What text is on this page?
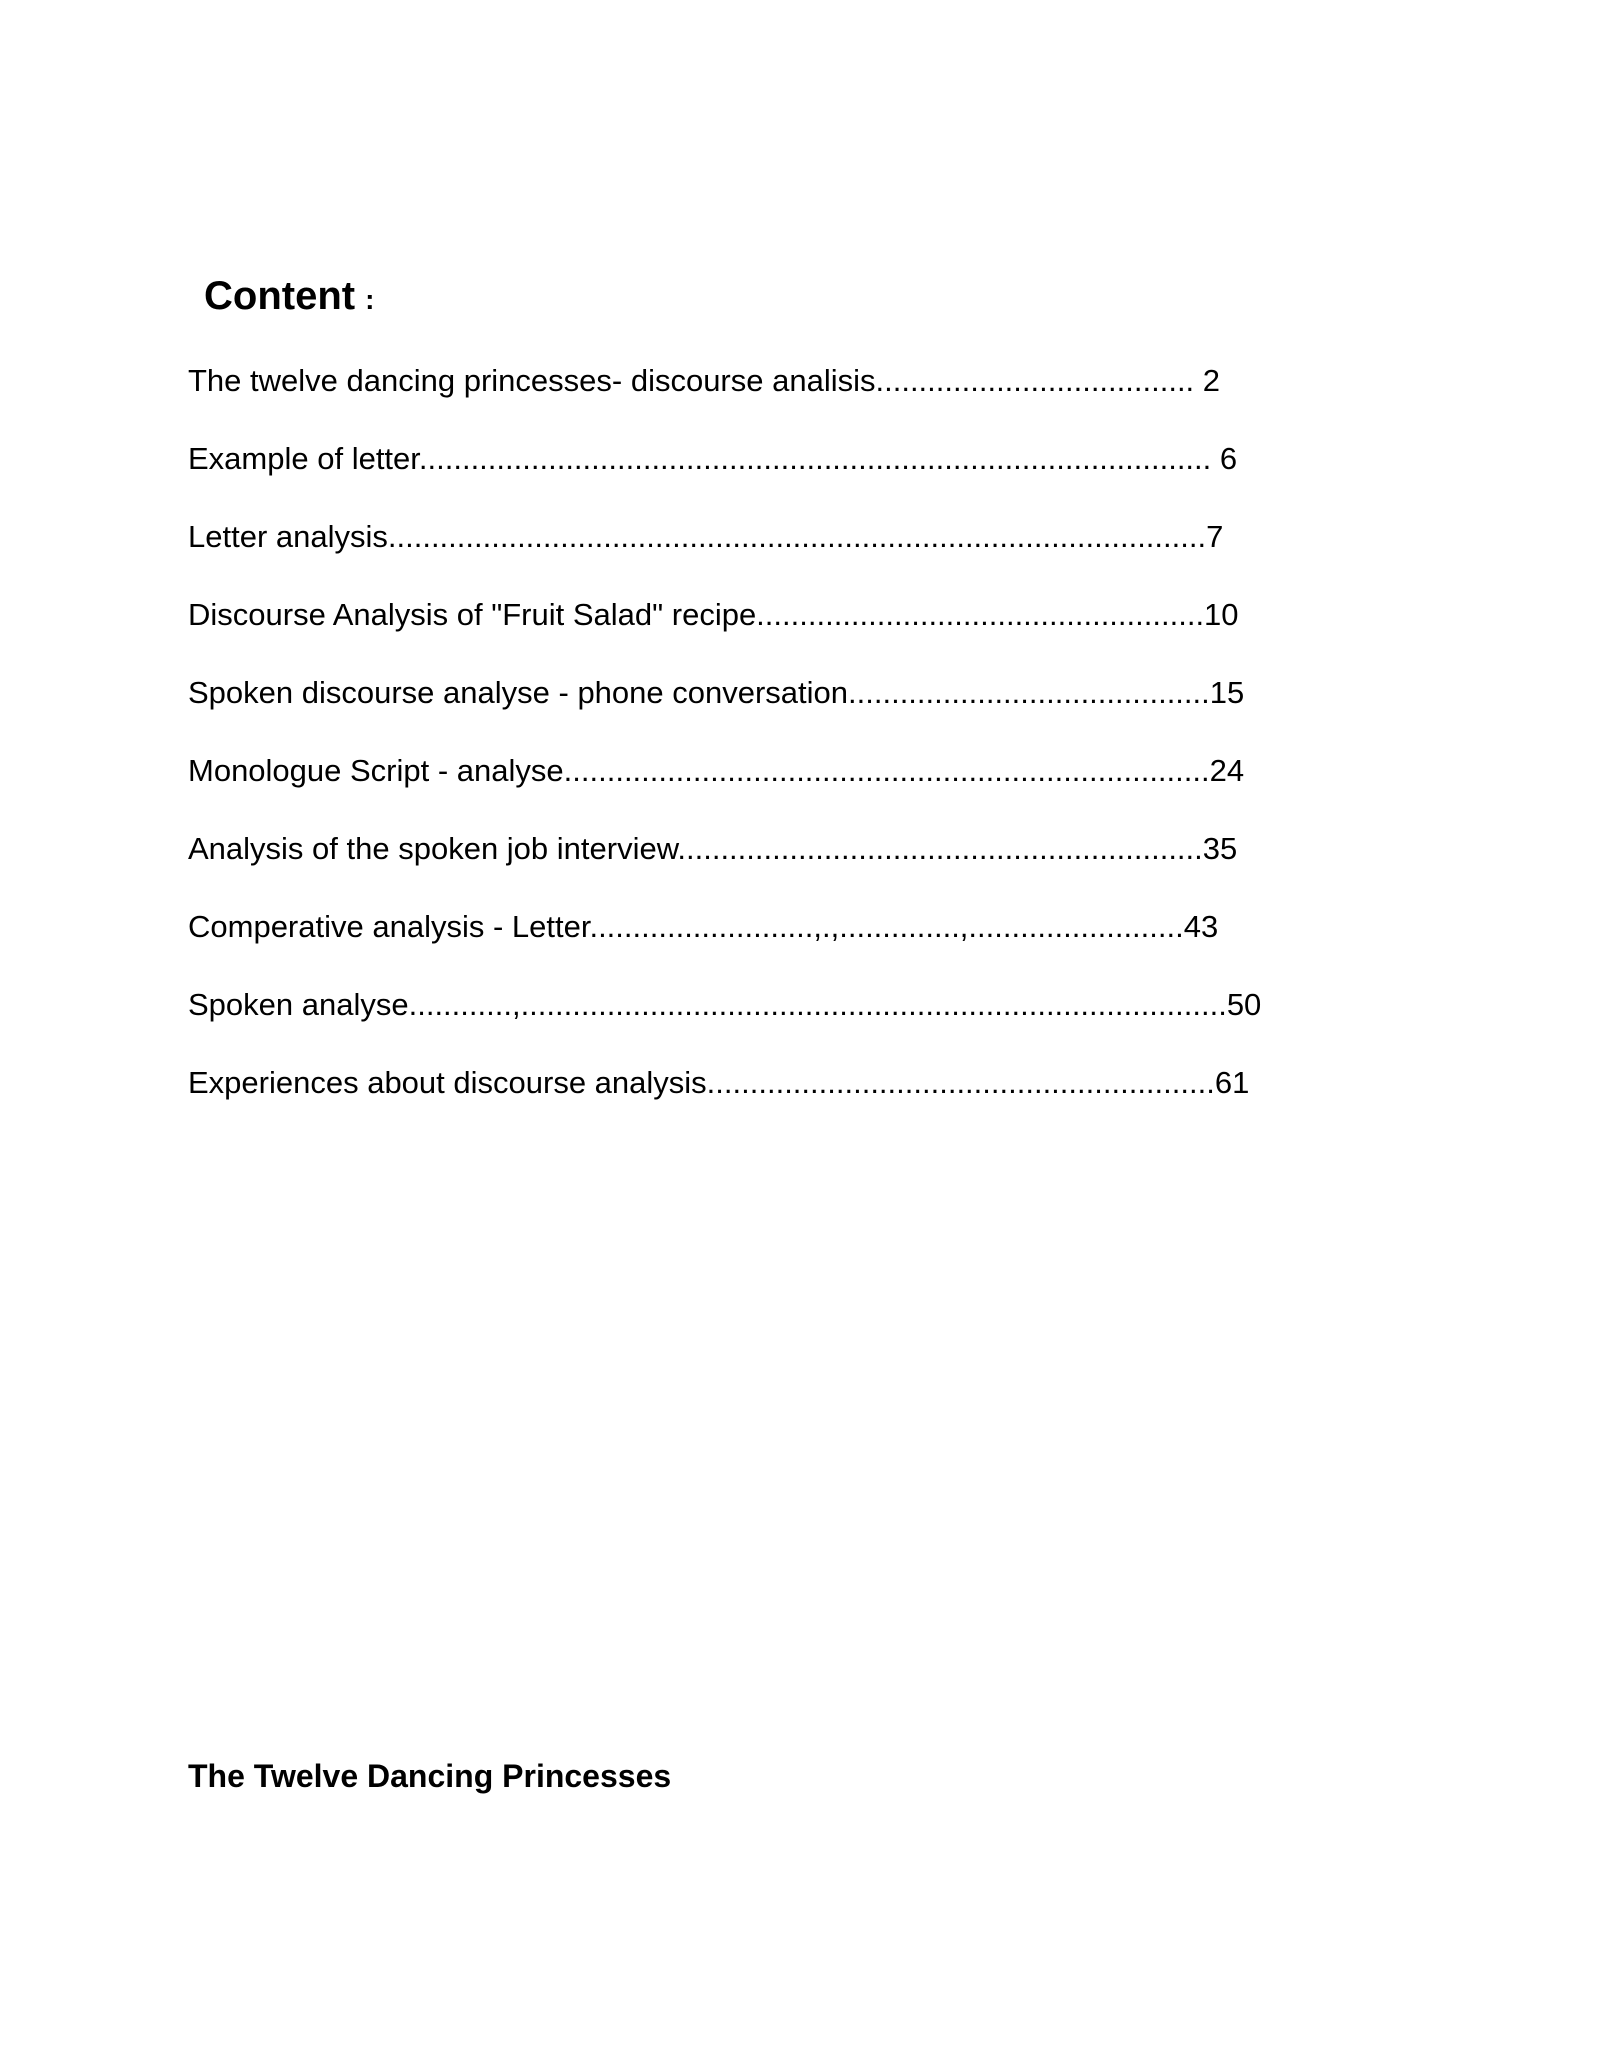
Content :
The twelve dancing princesses- discourse analisis..................................... 2
Example of letter............................................................................................ 6
Letter analysis...............................................................................................7
Discourse Analysis of "Fruit Salad" recipe....................................................10
Spoken discourse analyse - phone conversation..........................................15
Monologue Script - analyse...........................................................................24
Analysis of the spoken job interview.............................................................35
Comperative analysis - Letter..........................,.,..............,.........................43
Spoken analyse............,..................................................................................50
Experiences about discourse analysis...........................................................61
The Twelve Dancing Princesses
